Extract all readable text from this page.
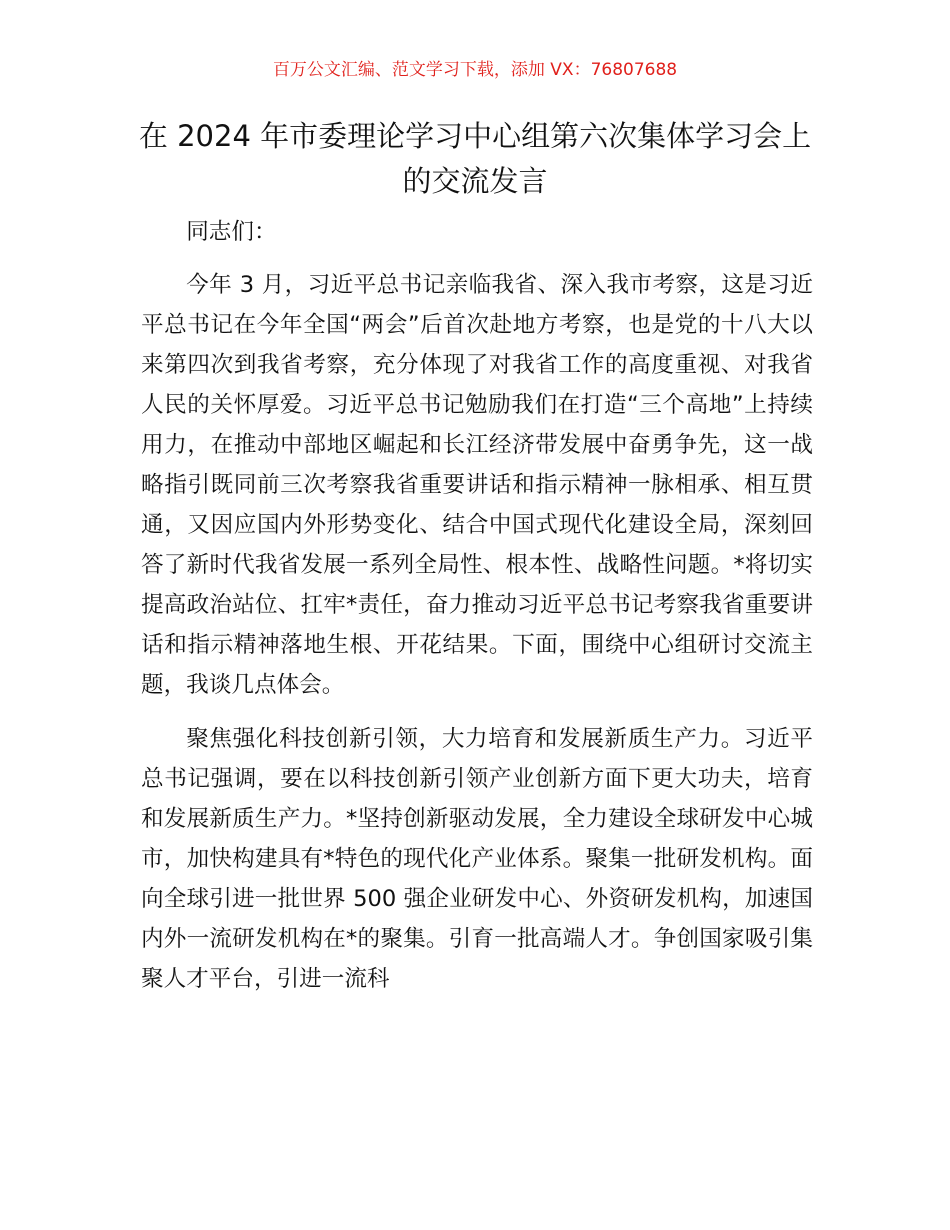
百万公文汇编、范文学习下载，添加 VX：76807688
在 2024 年市委理论学习中心组第六次集体学习会上的交流发言

同志们：

今年 3 月，习近平总书记亲临我省、深入我市考察，这是习近平总书记在今年全国“两会”后首次赴地方考察，也是党的十八大以来第四次到我省考察，充分体现了对我省工作的高度重视、对我省人民的关怀厚爱。习近平总书记勉励我们在打造“三个高地”上持续用力，在推动中部地区崛起和长江经济带发展中奋勇争先，这一战略指引既同前三次考察我省重要讲话和指示精神一脉相承、相互贯通，又因应国内外形势变化、结合中国式现代化建设全局，深刻回答了新时代我省发展一系列全局性、根本性、战略性问题。*将切实提高政治站位、扛牢*责任，奋力推动习近平总书记考察我省重要讲话和指示精神落地生根、开花结果。下面，围绕中心组研讨交流主题，我谈几点体会。

聚焦强化科技创新引领，大力培育和发展新质生产力。习近平总书记强调，要在以科技创新引领产业创新方面下更大功夫，培育和发展新质生产力。*坚持创新驱动发展，全力建设全球研发中心城市，加快构建具有*特色的现代化产业体系。聚集一批研发机构。面向全球引进一批世界 500 强企业研发中心、外资研发机构，加速国内外一流研发机构在*的聚集。引育一批高端人才。争创国家吸引集聚人才平台，引进一流科
